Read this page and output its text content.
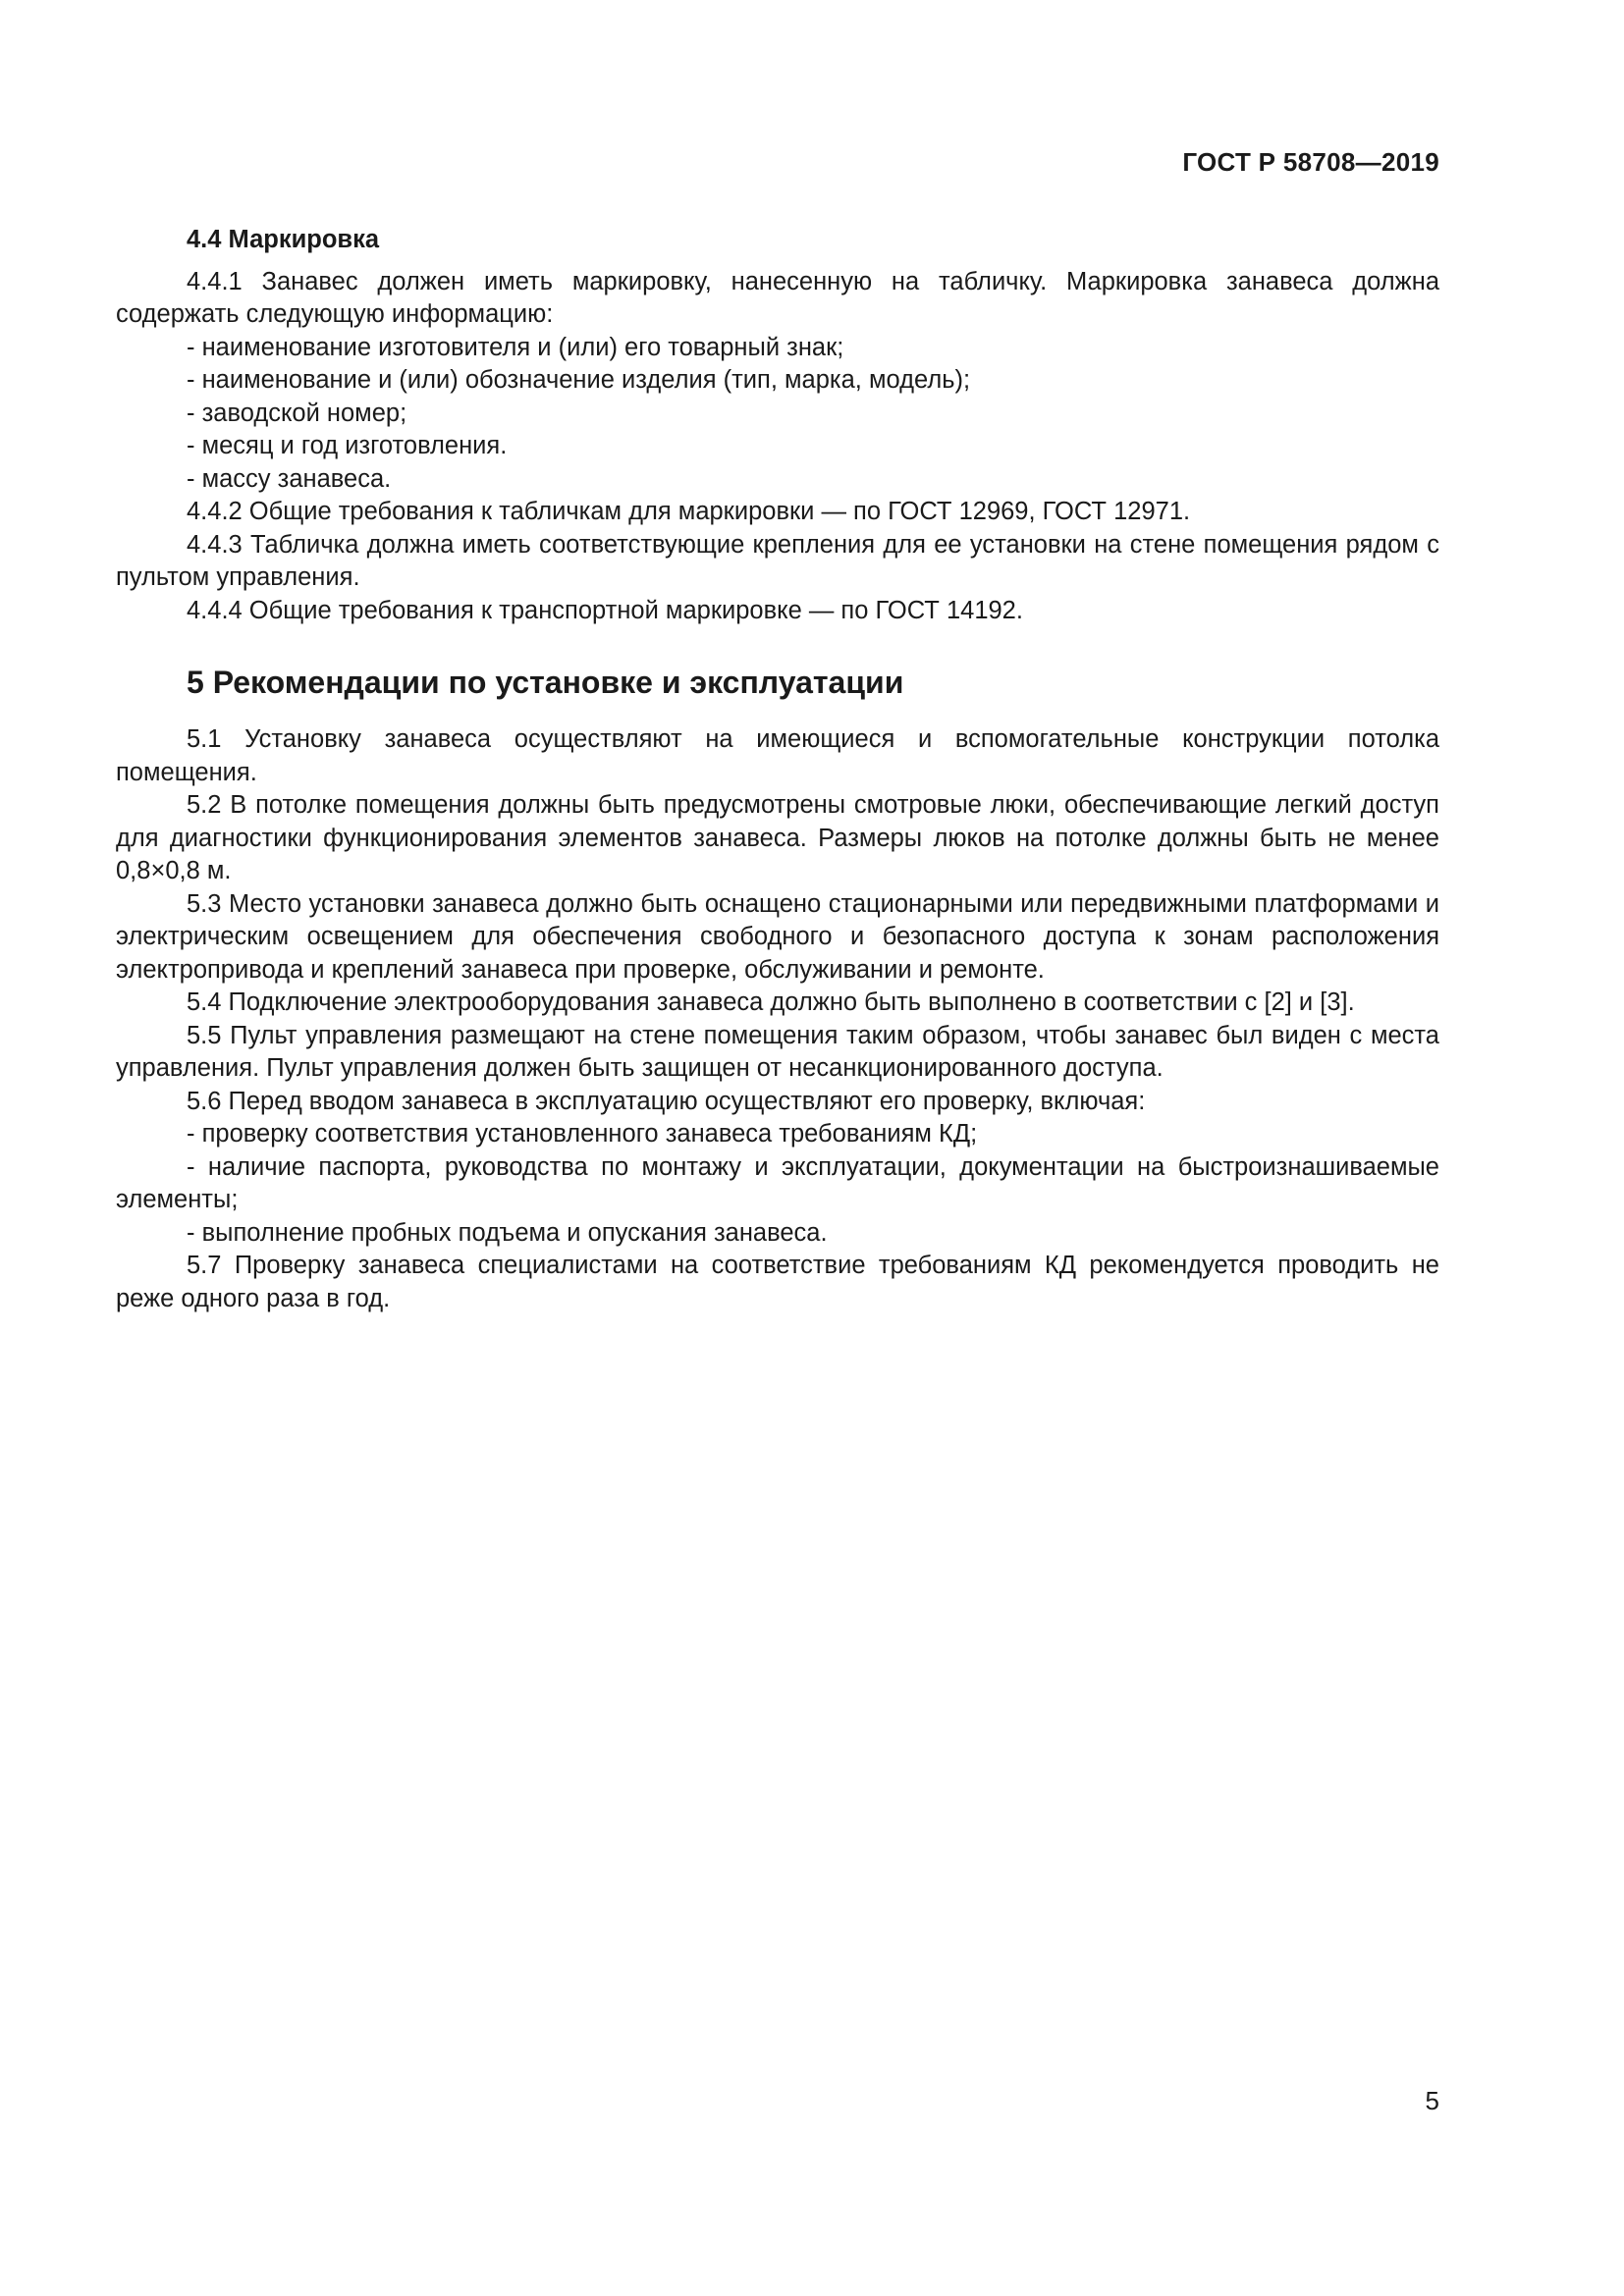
ГОСТ Р 58708—2019

4.4 Маркировка

4.4.1 Занавес должен иметь маркировку, нанесенную на табличку. Маркировка занавеса должна содержать следующую информацию:

- наименование изготовителя и (или) его товарный знак;

- наименование и (или) обозначение изделия (тип, марка, модель);

- заводской номер;

- месяц и год изготовления.

- массу занавеса.

4.4.2 Общие требования к табличкам для маркировки — по ГОСТ 12969, ГОСТ 12971.

4.4.3 Табличка должна иметь соответствующие крепления для ее установки на стене помещения рядом с пультом управления.

4.4.4 Общие требования к транспортной маркировке — по ГОСТ 14192.

5 Рекомендации по установке и эксплуатации

5.1 Установку занавеса осуществляют на имеющиеся и вспомогательные конструкции потолка помещения.

5.2 В потолке помещения должны быть предусмотрены смотровые люки, обеспечивающие легкий доступ для диагностики функционирования элементов занавеса. Размеры люков на потолке должны быть не менее 0,8×0,8 м.

5.3 Место установки занавеса должно быть оснащено стационарными или передвижными платформами и электрическим освещением для обеспечения свободного и безопасного доступа к зонам расположения электропривода и креплений занавеса при проверке, обслуживании и ремонте.

5.4 Подключение электрооборудования занавеса должно быть выполнено в соответствии с [2] и [3].

5.5 Пульт управления размещают на стене помещения таким образом, чтобы занавес был виден с места управления. Пульт управления должен быть защищен от несанкционированного доступа.

5.6 Перед вводом занавеса в эксплуатацию осуществляют его проверку, включая:

- проверку соответствия установленного занавеса требованиям КД;

- наличие паспорта, руководства по монтажу и эксплуатации, документации на быстроизнашиваемые элементы;

- выполнение пробных подъема и опускания занавеса.

5.7 Проверку занавеса специалистами на соответствие требованиям КД рекомендуется проводить не реже одного раза в год.

5
